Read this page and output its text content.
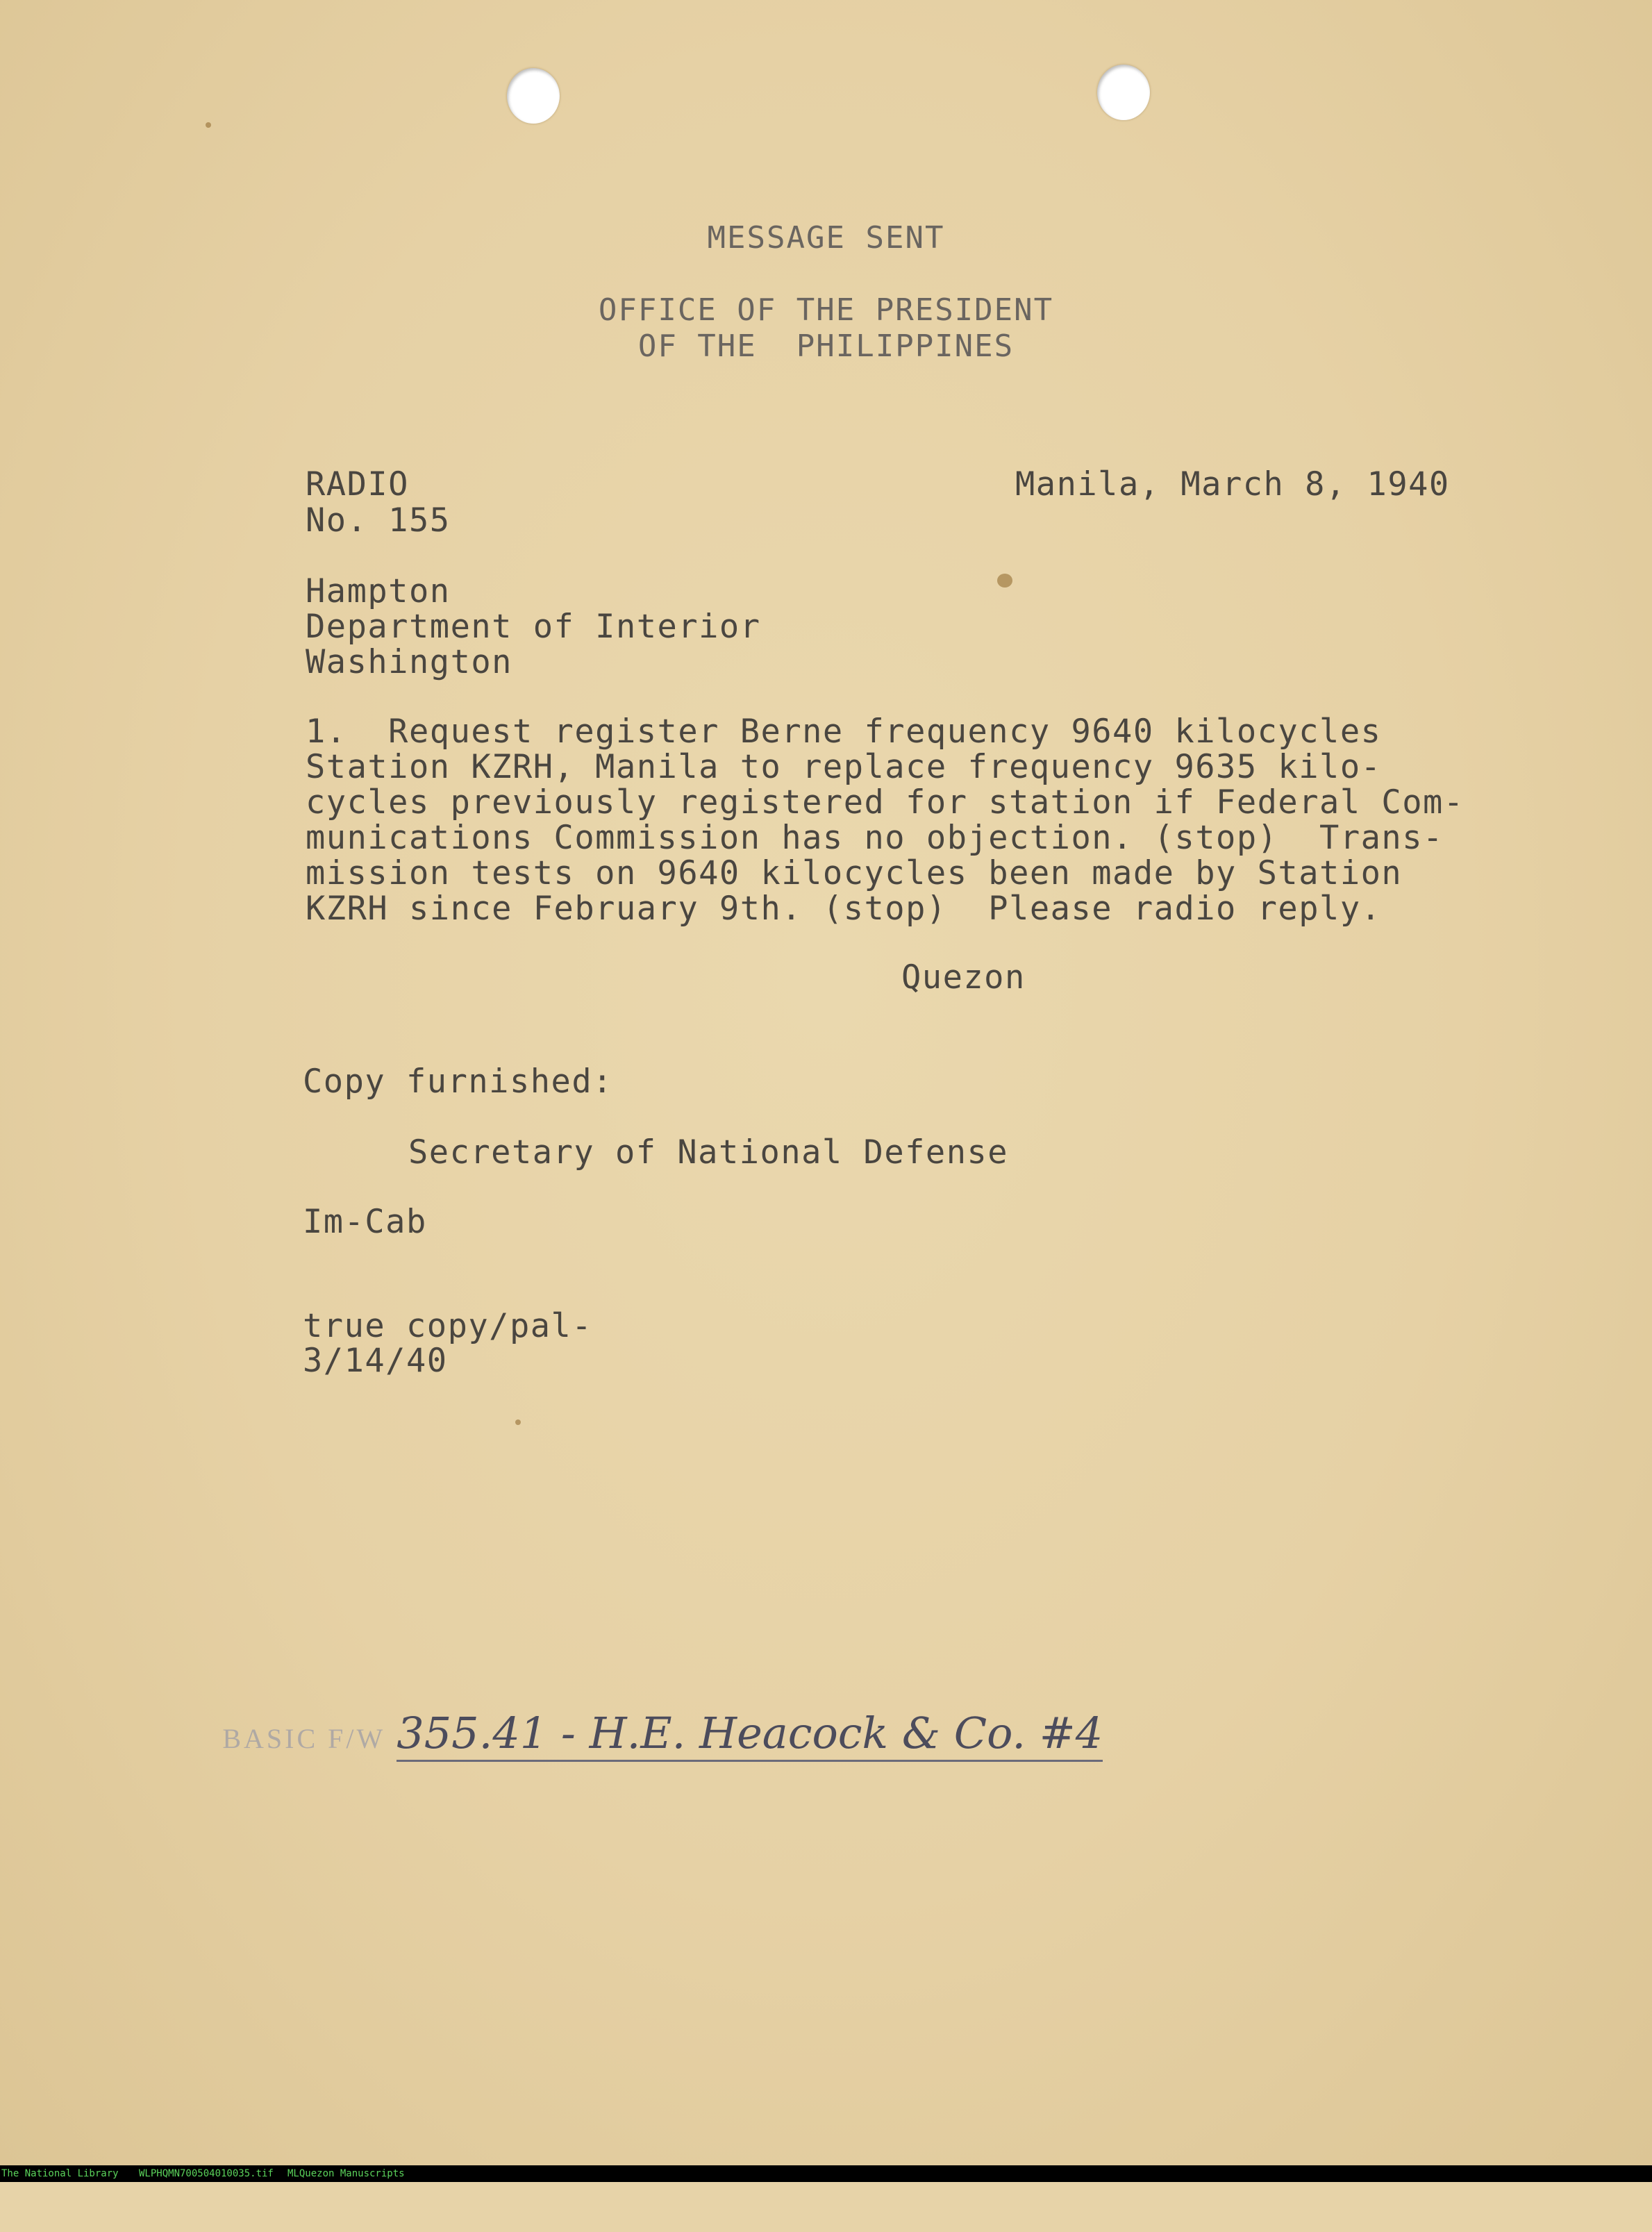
MESSAGE SENT
OFFICE OF THE PRESIDENT
OF THE  PHILIPPINES
RADIO
No. 155
Manila, March 8, 1940
Hampton
Department of Interior
Washington
1.  Request register Berne frequency 9640 kilocycles
Station KZRH, Manila to replace frequency 9635 kilo-
cycles previously registered for station if Federal Com-
munications Commission has no objection. (stop)  Trans-
mission tests on 9640 kilocycles been made by Station
KZRH since February 9th. (stop)  Please radio reply.
Quezon
Copy furnished:
Secretary of National Defense
Im-Cab
true copy/pal-
3/14/40

BASIC F/W 355.41 - H.E. Heacock & Co. #4

The National Library

WLPHQMN700504010035.tif

MLQuezon Manuscripts
